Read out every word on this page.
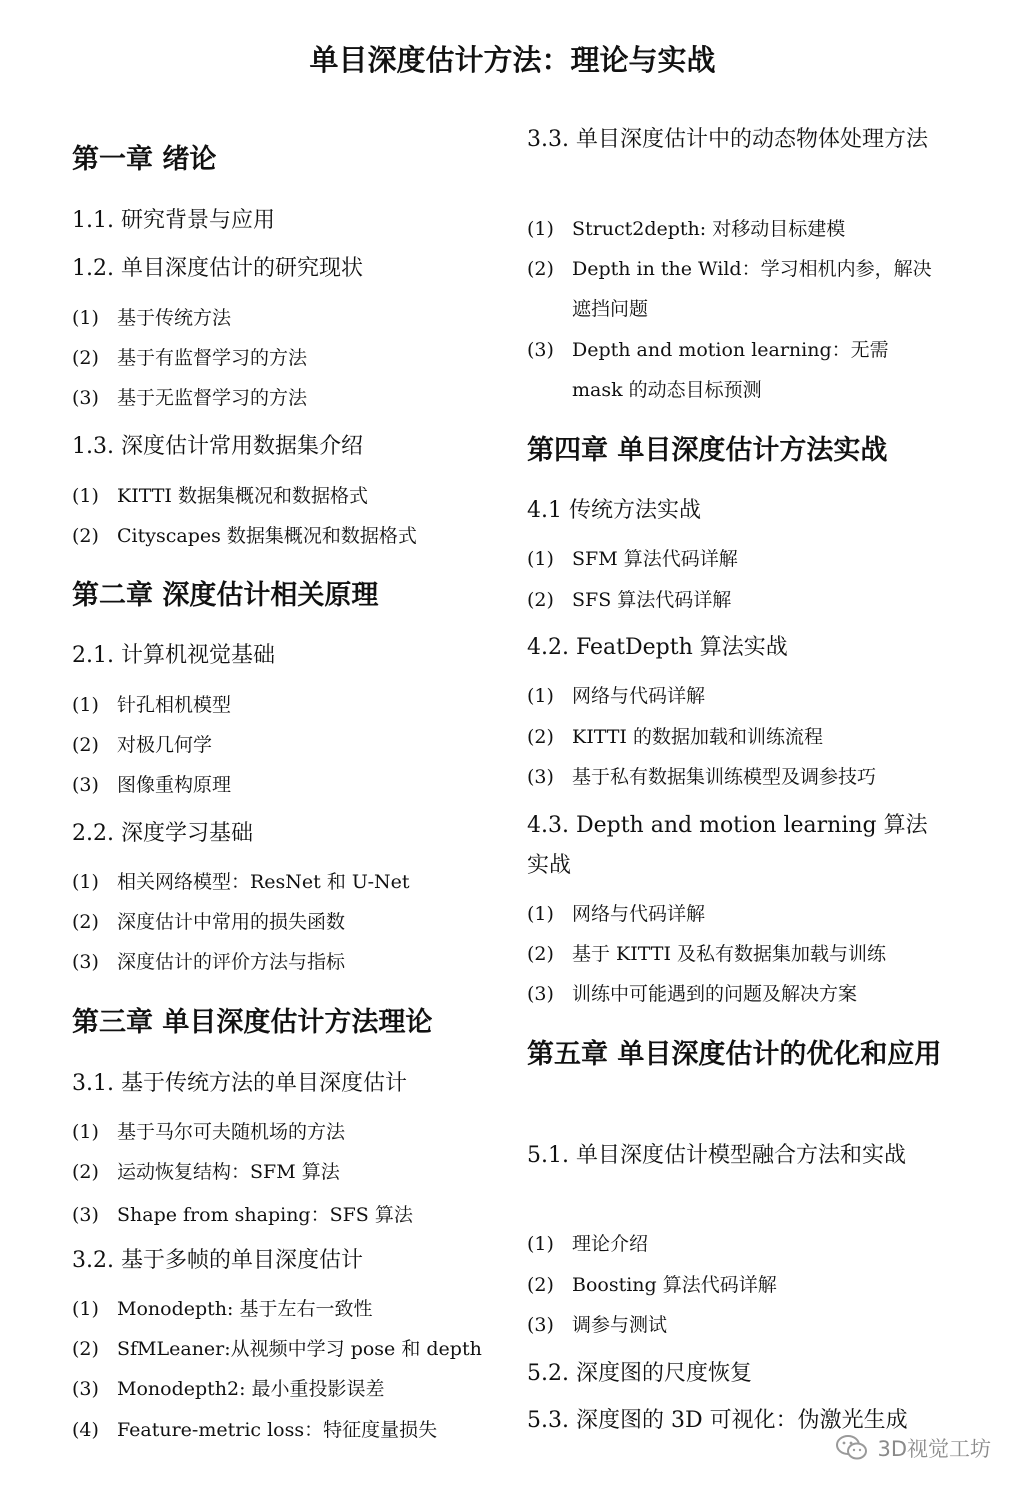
单目深度估计方法：理论与实战
第一章 绪论
1.1. 研究背景与应用
1.2. 单目深度估计的研究现状
(1) 基于传统方法
(2) 基于有监督学习的方法
(3) 基于无监督学习的方法
1.3. 深度估计常用数据集介绍
(1) KITTI 数据集概况和数据格式
(2) Cityscapes 数据集概况和数据格式
第二章 深度估计相关原理
2.1. 计算机视觉基础
(1) 针孔相机模型
(2) 对极几何学
(3) 图像重构原理
2.2. 深度学习基础
(1) 相关网络模型：ResNet 和 U-Net
(2) 深度估计中常用的损失函数
(3) 深度估计的评价方法与指标
第三章 单目深度估计方法理论
3.1. 基于传统方法的单目深度估计
(1) 基于马尔可夫随机场的方法
(2) 运动恢复结构：SFM 算法
(3) Shape from shaping：SFS 算法
3.2. 基于多帧的单目深度估计
(1) Monodepth: 基于左右一致性
(2) SfMLeaner:从视频中学习 pose 和 depth
(3) Monodepth2: 最小重投影误差
(4) Feature-metric loss：特征度量损失
3.3. 单目深度估计中的动态物体处理方法
(1) Struct2depth: 对移动目标建模
(2) Depth in the Wild：学习相机内参，解决遮挡问题
(3) Depth and motion learning：无需 mask 的动态目标预测
第四章 单目深度估计方法实战
4.1 传统方法实战
(1) SFM 算法代码详解
(2) SFS 算法代码详解
4.2. FeatDepth 算法实战
(1) 网络与代码详解
(2) KITTI 的数据加载和训练流程
(3) 基于私有数据集训练模型及调参技巧
4.3. Depth and motion learning 算法实战
(1) 网络与代码详解
(2) 基于 KITTI 及私有数据集加载与训练
(3) 训练中可能遇到的问题及解决方案
第五章 单目深度估计的优化和应用
5.1. 单目深度估计模型融合方法和实战
(1) 理论介绍
(2) Boosting 算法代码详解
(3) 调参与测试
5.2. 深度图的尺度恢复
5.3. 深度图的 3D 可视化：伪激光生成
3D视觉工坊
